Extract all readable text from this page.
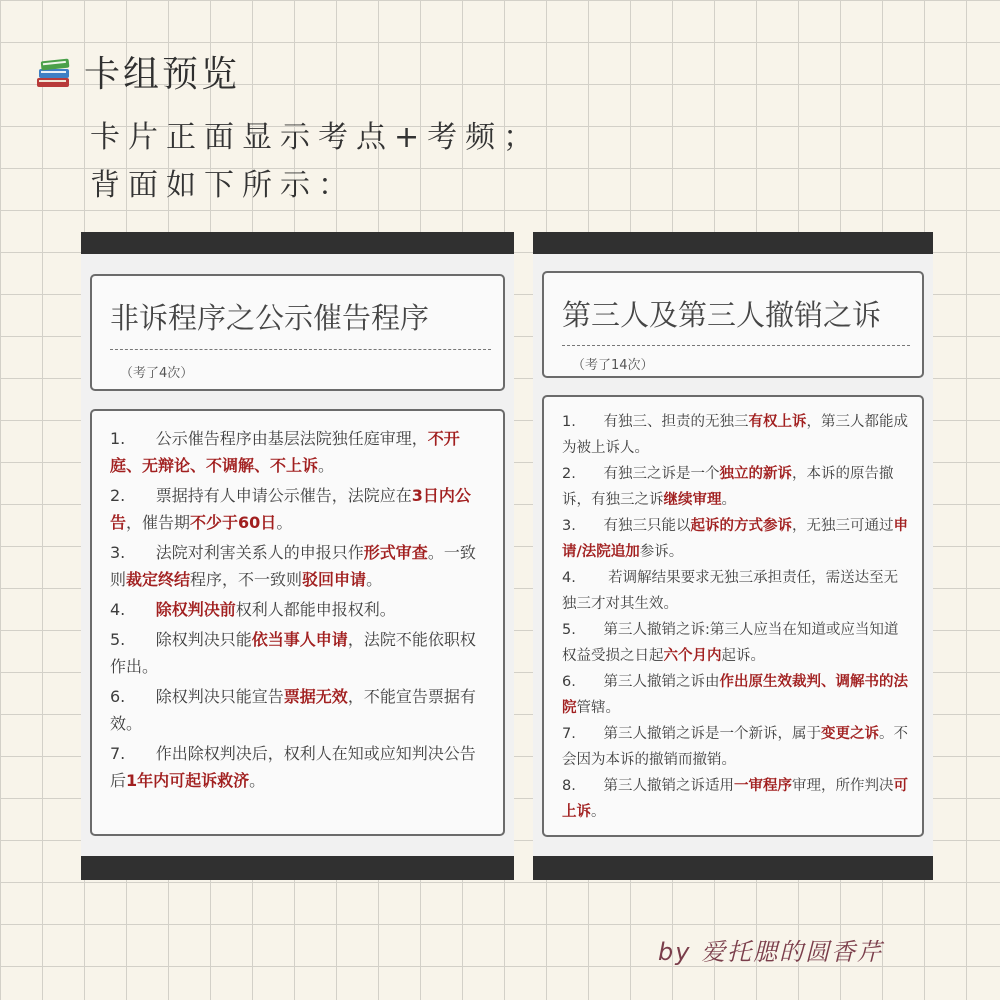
卡组预览
卡片正面显示考点+考频；
背面如下所示：
非诉程序之公示催告程序
（考了4次）
1. 公示催告程序由基层法院独任庭审理，不开庭、无辩论、不调解、不上诉。
2. 票据持有人申请公示催告，法院应在3日内公告，催告期不少于60日。
3. 法院对利害关系人的申报只作形式审查。一致则裁定终结程序，不一致则驳回申请。
4. 除权判决前权利人都能申报权利。
5. 除权判决只能依当事人申请，法院不能依职权作出。
6. 除权判决只能宣告票据无效，不能宣告票据有效。
7. 作出除权判决后，权利人在知或应知判决公告后1年内可起诉救济。
第三人及第三人撤销之诉
（考了14次）
1. 有独三、担责的无独三有权上诉，第三人都能成为被上诉人。
2. 有独三之诉是一个独立的新诉，本诉的原告撤诉，有独三之诉继续审理。
3. 有独三只能以起诉的方式参诉，无独三可通过申请/法院追加参诉。
4.       若调解结果要求无独三承担责任，需送达至无独三才对其生效。
5. 第三人撤销之诉:第三人应当在知道或应当知道权益受损之日起六个月内起诉。
6. 第三人撤销之诉由作出原生效裁判、调解书的法院管辖。
7. 第三人撤销之诉是一个新诉，属于变更之诉。不会因为本诉的撤销而撤销。
8. 第三人撤销之诉适用一审程序审理，所作判决可上诉。
by 爱托腮的圆香芹
